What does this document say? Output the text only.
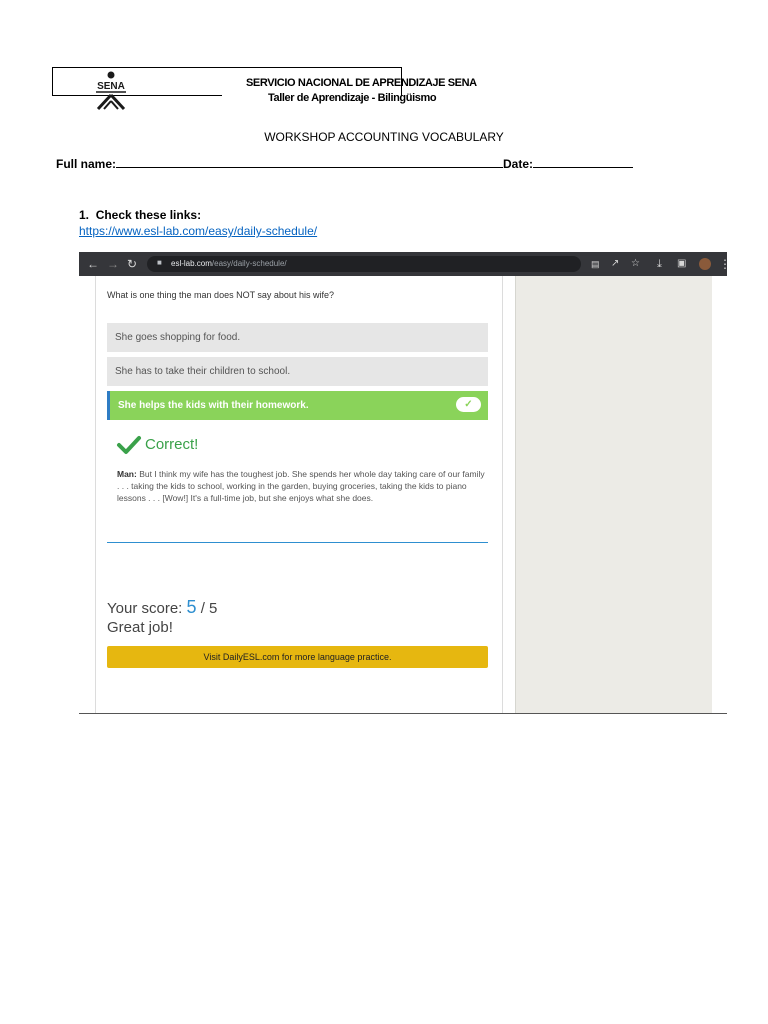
SENA	SERVICIO NACIONAL DE APRENDIZAJE SENA
Taller de Aprendizaje - Bilingüismo
WORKSHOP ACCOUNTING VOCABULARY
Full name:	Date:
1. Check these links:
https://www.esl-lab.com/easy/daily-schedule/
← → ↻ ■ esl-lab.com/easy/daily-schedule/	▤ ↗ ☆ ⤓ ▣	⋮
What is one thing the man does NOT say about his wife?
She goes shopping for food.
She has to take their children to school.
She helps the kids with their homework.	✓
Correct!
Man: But I think my wife has the toughest job. She spends her whole day taking care of our family . . . taking the kids to school, working in the garden, buying groceries, taking the kids to piano lessons . . . [Wow!] It's a full-time job, but she enjoys what she does.
Your score: 5 / 5
Great job!
Visit DailyESL.com for more language practice.
